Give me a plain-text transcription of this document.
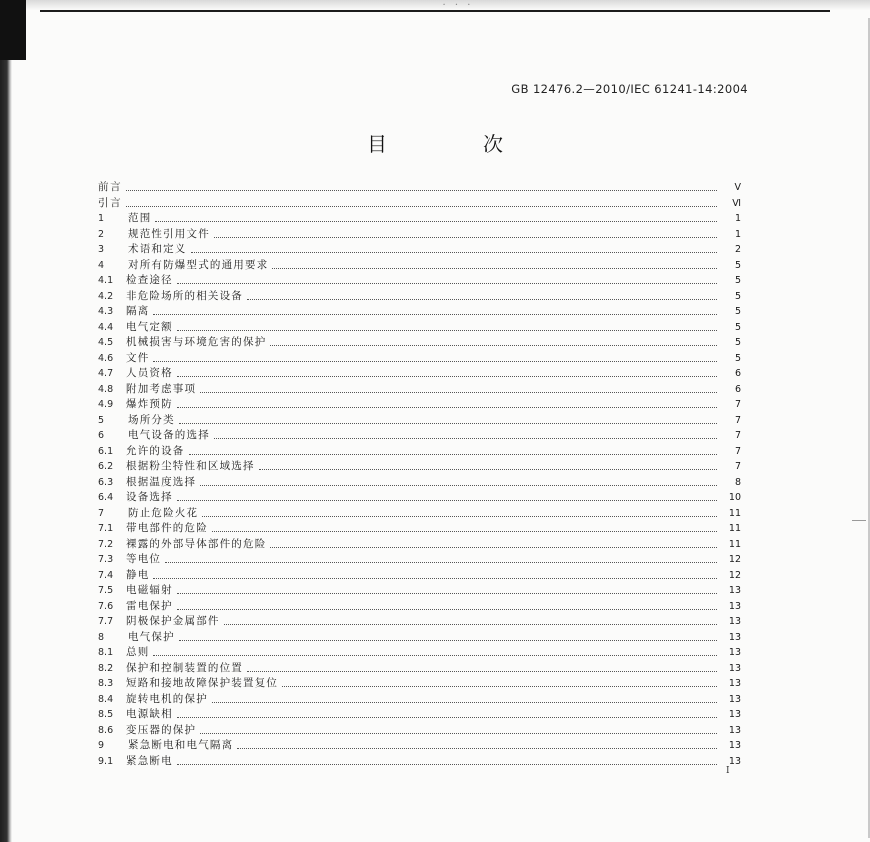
· · ·
GB 12476.2—2010/IEC 61241-14:2004
目　次
前言	Ⅴ
引言	Ⅵ
1	范围	1
2	规范性引用文件	1
3	术语和定义	2
4	对所有防爆型式的通用要求	5
4.1	检查途径	5
4.2	非危险场所的相关设备	5
4.3	隔离	5
4.4	电气定额	5
4.5	机械损害与环境危害的保护	5
4.6	文件	5
4.7	人员资格	6
4.8	附加考虑事项	6
4.9	爆炸预防	7
5	场所分类	7
6	电气设备的选择	7
6.1	允许的设备	7
6.2	根据粉尘特性和区域选择	7
6.3	根据温度选择	8
6.4	设备选择	10
7	防止危险火花	11
7.1	带电部件的危险	11
7.2	裸露的外部导体部件的危险	11
7.3	等电位	12
7.4	静电	12
7.5	电磁辐射	13
7.6	雷电保护	13
7.7	阴极保护金属部件	13
8	电气保护	13
8.1	总则	13
8.2	保护和控制装置的位置	13
8.3	短路和接地故障保护装置复位	13
8.4	旋转电机的保护	13
8.5	电源缺相	13
8.6	变压器的保护	13
9	紧急断电和电气隔离	13
9.1	紧急断电	13
I
